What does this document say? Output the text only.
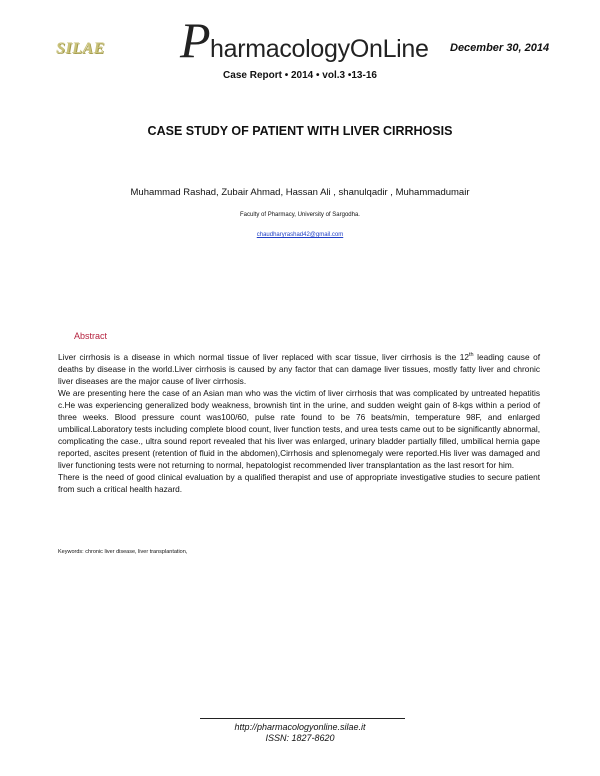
SILAE	P harmacologyOnLine December 30, 2014
Case Report • 2014 • vol.3 •13-16
CASE STUDY OF PATIENT WITH LIVER CIRRHOSIS
Muhammad Rashad, Zubair Ahmad, Hassan Ali , shanulqadir , Muhammadumair
Faculty of Pharmacy, University of Sargodha.
chaudharyrashad42@gmail.com
Abstract

Liver cirrhosis is a disease in which normal tissue of liver replaced with scar tissue, liver cirrhosis is the 12th leading cause of deaths by disease in the world.Liver cirrhosis is caused by any factor that can damage liver tissues, mostly fatty liver and chronic liver diseases are the major cause of liver cirrhosis.

We are presenting here the case of an Asian man who was the victim of liver cirrhosis that was complicated by untreated hepatitis c.He was experiencing generalized body weakness, brownish tint in the urine, and sudden weight gain of 8-kgs within a period of three weeks. Blood pressure count was100/60, pulse rate found to be 76 beats/min, temperature 98F, and enlarged umbilical.Laboratory tests including complete blood count, liver function tests, and urea tests came out to be significantly abnormal, complicating the case., ultra sound report revealed that his liver was enlarged, urinary bladder partially filled, umbilical hernia gape reported, ascites present (retention of fluid in the abdomen),Cirrhosis and splenomegaly were reported.His liver was damaged and liver functioning tests were not returning to normal, hepatologist recommended liver transplantation as the last resort for him.

There is the need of good clinical evaluation by a qualified therapist and use of appropriate investigative studies to secure patient from such a critical health hazard.

Keywords: chronic liver disease, liver transplantation,
http://pharmacologyonline.silae.it
ISSN: 1827-8620
